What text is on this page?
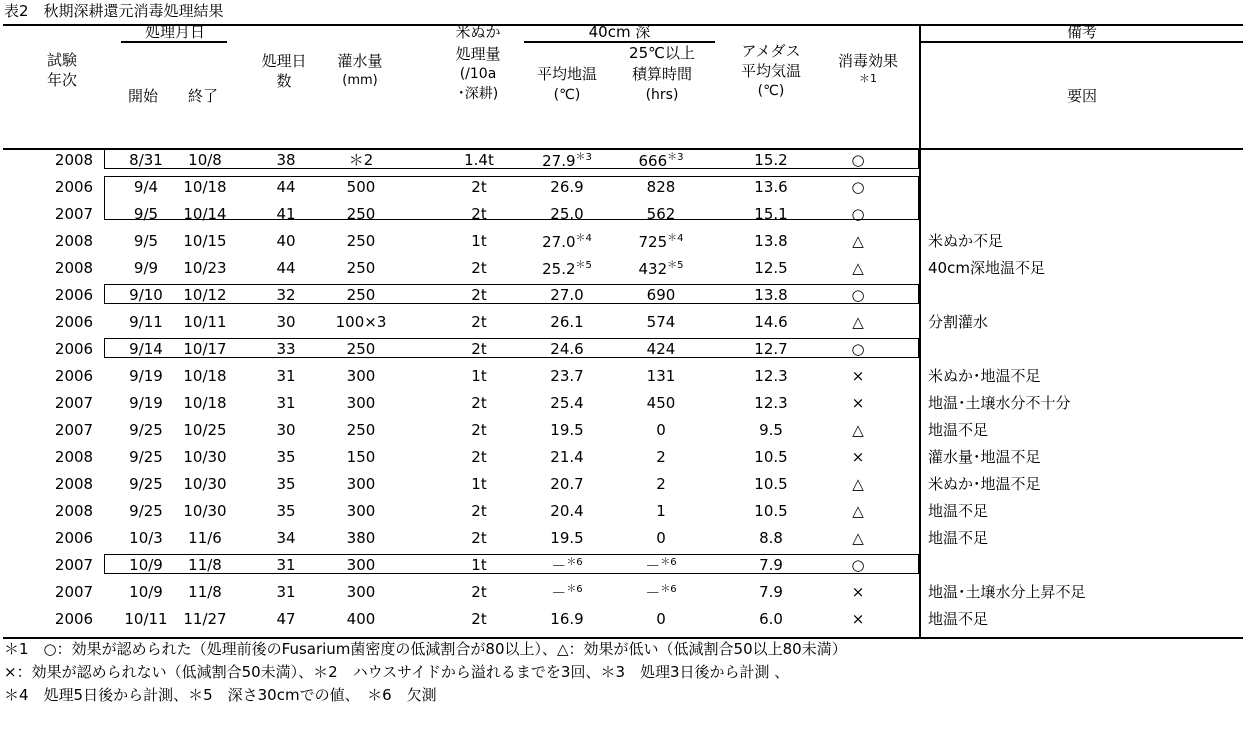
表2　秋期深耕還元消毒処理結果
処理月日
試験
年次
開始	終了
処理日
数
灌水量
(mm)
米ぬか
処理量
(/10a
･深耕)
40cm 深
平均地温
(℃)
25℃以上
積算時間
(hrs)
アメダス
平均気温
(℃)
消毒効果
＊1
備考
要因
2008	8/31	10/8	38	＊2	1.4t	$27.9^{*3}$	$666^{*3}$	15.2	○
2006	9/4	10/18	44	500	2t	26.9	828	13.6	○
2007	9/5	10/14	41	250	2t	25.0	562	15.1	○
2008	9/5	10/15	40	250	1t	$27.0^{*4}$	$725^{*4}$	13.8	△	米ぬか不足
2008	9/9	10/23	44	250	2t	$25.2^{*5}$	$432^{*5}$	12.5	△	40cm深地温不足
2006	9/10	10/12	32	250	2t	27.0	690	13.8	○
2006	9/11	10/11	30	100×3	2t	26.1	574	14.6	△	分割灌水
2006	9/14	10/17	33	250	2t	24.6	424	12.7	○
2006	9/19	10/18	31	300	1t	23.7	131	12.3	×	米ぬか･地温不足
2007	9/19	10/18	31	300	2t	25.4	450	12.3	×	地温･土壌水分不十分
2007	9/25	10/25	30	250	2t	19.5	0	9.5	△	地温不足
2008	9/25	10/30	35	150	2t	21.4	2	10.5	×	灌水量･地温不足
2008	9/25	10/30	35	300	1t	20.7	2	10.5	△	米ぬか･地温不足
2008	9/25	10/30	35	300	2t	20.4	1	10.5	△	地温不足
2006	10/3	11/6	34	380	2t	19.5	0	8.8	△	地温不足
2007	10/9	11/8	31	300	1t	－$^{*6}$	－$^{*6}$	7.9	○
2007	10/9	11/8	31	300	2t	－$^{*6}$	－$^{*6}$	7.9	×	地温･土壌水分上昇不足
2006	10/11	11/27	47	400	2t	16.9	0	6.0	×	地温不足
＊1　○：効果が認められた（処理前後のFusarium菌密度の低減割合が80以上）、△：効果が低い（低減割合50以上80未満）
×：効果が認められない（低減割合50未満）、＊2　ハウスサイドから溢れるまでを3回、＊3　処理3日後から計測 、
＊4　処理5日後から計測、＊5　深さ30cmでの値、　＊6　欠測
